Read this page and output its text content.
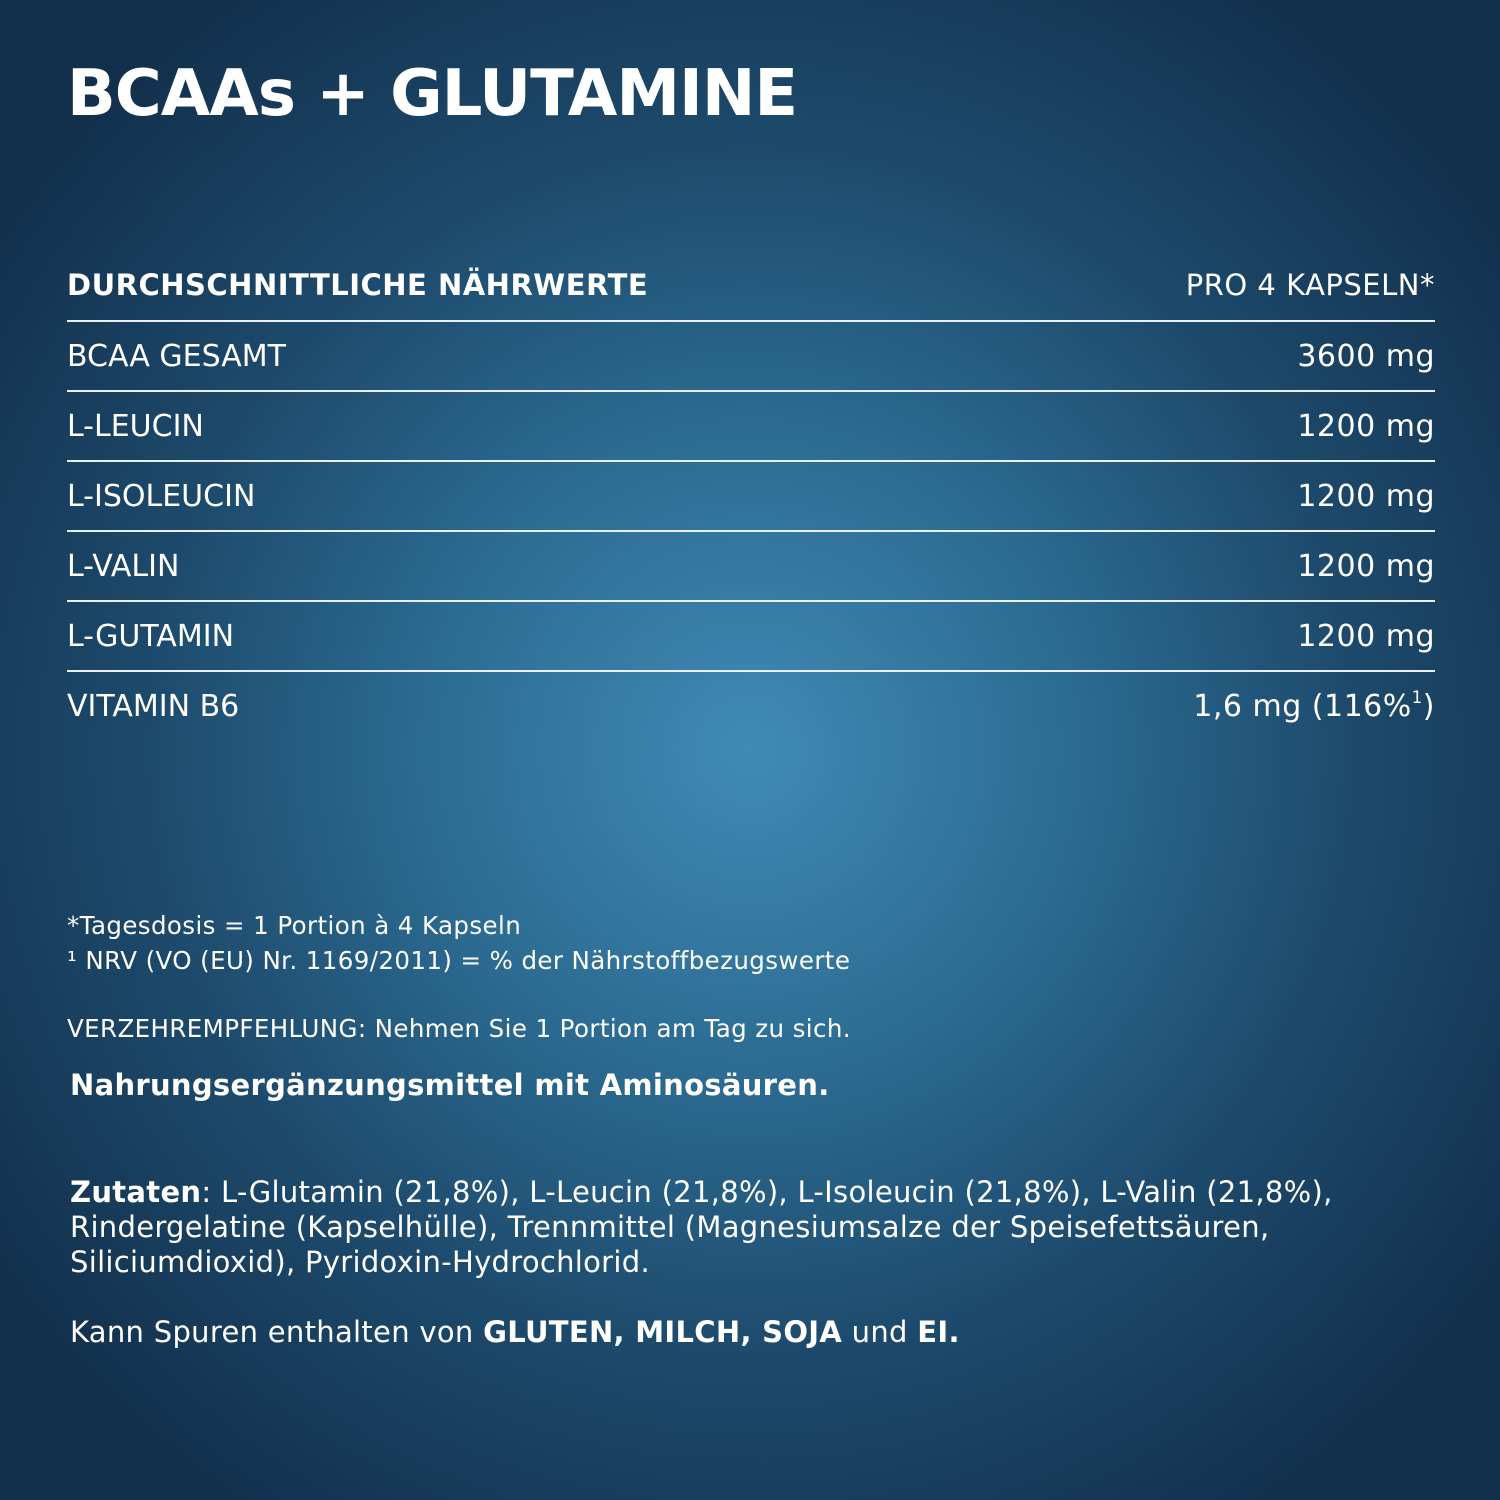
BCAAs + GLUTAMINE
DURCHSCHNITTLICHE NÄHRWERTE	PRO 4 KAPSELN*
BCAA GESAMT	3600 mg
L-LEUCIN	1200 mg
L-ISOLEUCIN	1200 mg
L-VALIN	1200 mg
L-GUTAMIN	1200 mg
VITAMIN B6	1,6 mg (116%$^1$)
*Tagesdosis = 1 Portion à 4 Kapseln
¹ NRV (VO (EU) Nr. 1169/2011) = % der Nährstoffbezugswerte
VERZEHREMPFEHLUNG: Nehmen Sie 1 Portion am Tag zu sich.
Nahrungsergänzungsmittel mit Aminosäuren.
Zutaten: L-Glutamin (21,8%), L-Leucin (21,8%), L-Isoleucin (21,8%), L-Valin (21,8%), Rindergelatine (Kapselhülle), Trennmittel (Magnesiumsalze der Speisefettsäuren, Siliciumdioxid), Pyridoxin-Hydrochlorid.
Kann Spuren enthalten von GLUTEN, MILCH, SOJA und EI.
